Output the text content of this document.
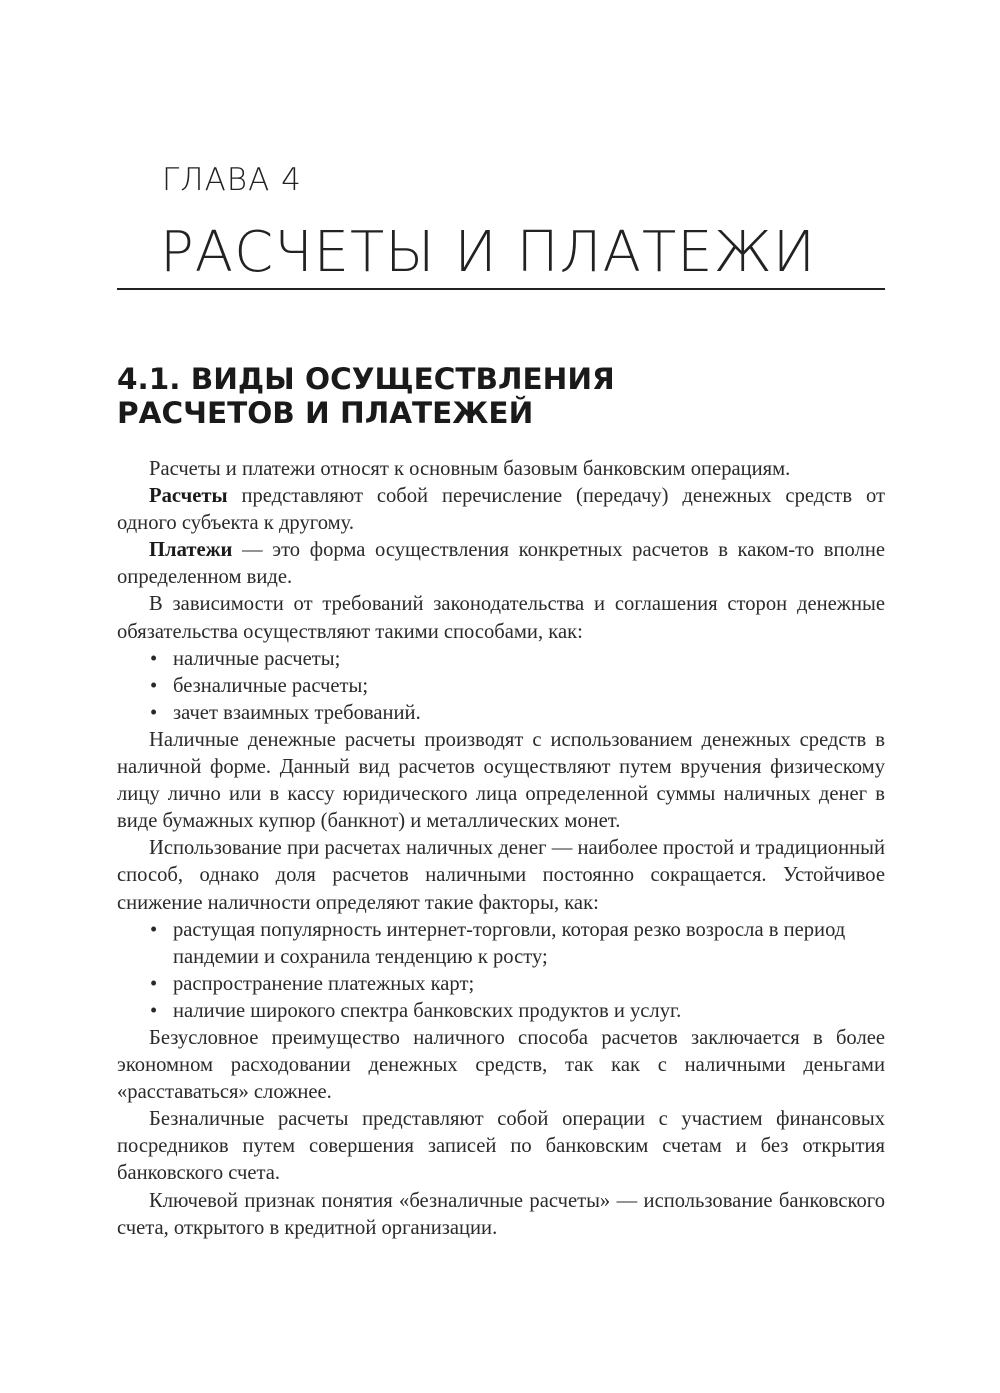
ГЛАВА 4
РАСЧЕТЫ И ПЛАТЕЖИ
4.1. ВИДЫ ОСУЩЕСТВЛЕНИЯ
РАСЧЕТОВ И ПЛАТЕЖЕЙ

Расчеты и платежи относят к основным базовым банковским операциям.

Расчеты представляют собой перечисление (передачу) денежных средств от одного субъекта к другому.

Платежи — это форма осуществления конкретных расчетов в каком-то вполне определенном виде.

В зависимости от требований законодательства и соглашения сторон денежные обязательства осуществляют такими способами, как:

• наличные расчеты;
• безналичные расчеты;
• зачет взаимных требований.

Наличные денежные расчеты производят с использованием денежных средств в наличной форме. Данный вид расчетов осуществляют путем вручения физическому лицу лично или в кассу юридического лица определенной суммы наличных денег в виде бумажных купюр (банкнот) и металлических монет.

Использование при расчетах наличных денег — наиболее простой и традиционный способ, однако доля расчетов наличными постоянно сокращается. Устойчивое снижение наличности определяют такие факторы, как:

• растущая популярность интернет-торговли, которая резко возросла в период пандемии и сохранила тенденцию к росту;
• распространение платежных карт;
• наличие широкого спектра банковских продуктов и услуг.

Безусловное преимущество наличного способа расчетов заключается в более экономном расходовании денежных средств, так как с наличными деньгами «расставаться» сложнее.

Безналичные расчеты представляют собой операции с участием финансовых посредников путем совершения записей по банковским счетам и без открытия банковского счета.

Ключевой признак понятия «безналичные расчеты» — использование банковского счета, открытого в кредитной организации.
